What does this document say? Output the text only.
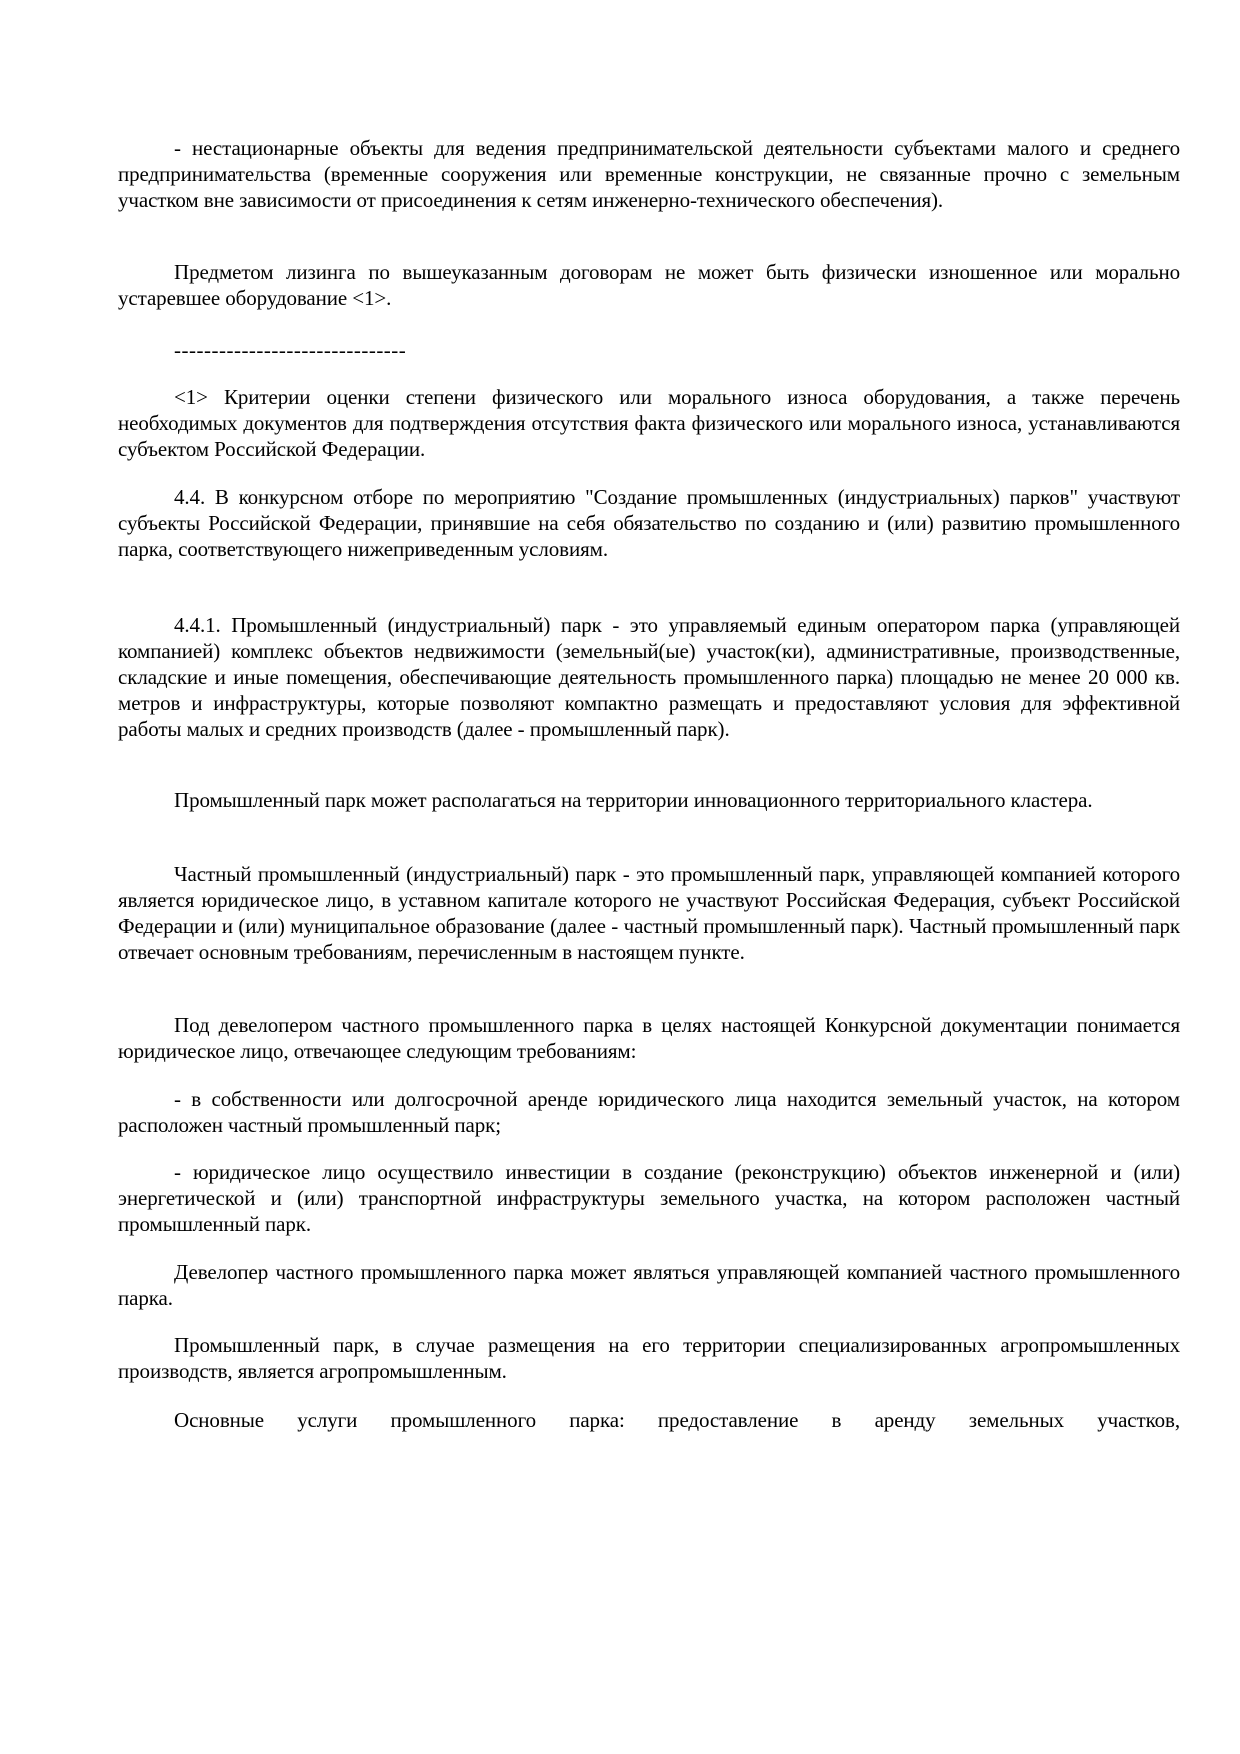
- нестационарные объекты для ведения предпринимательской деятельности субъектами малого и среднего предпринимательства (временные сооружения или временные конструкции, не связанные прочно с земельным участком вне зависимости от присоединения к сетям инженерно-технического обеспечения).

Предметом лизинга по вышеуказанным договорам не может быть физически изношенное или морально устаревшее оборудование <1>.

-------------------------------

<1> Критерии оценки степени физического или морального износа оборудования, а также перечень необходимых документов для подтверждения отсутствия факта физического или морального износа, устанавливаются субъектом Российской Федерации.

4.4. В конкурсном отборе по мероприятию "Создание промышленных (индустриальных) парков" участвуют субъекты Российской Федерации, принявшие на себя обязательство по созданию и (или) развитию промышленного парка, соответствующего нижеприведенным условиям.

4.4.1. Промышленный (индустриальный) парк - это управляемый единым оператором парка (управляющей компанией) комплекс объектов недвижимости (земельный(ые) участок(ки), административные, производственные, складские и иные помещения, обеспечивающие деятельность промышленного парка) площадью не менее 20 000 кв. метров и инфраструктуры, которые позволяют компактно размещать и предоставляют условия для эффективной работы малых и средних производств (далее - промышленный парк).

Промышленный парк может располагаться на территории инновационного территориального кластера.

Частный промышленный (индустриальный) парк - это промышленный парк, управляющей компанией которого является юридическое лицо, в уставном капитале которого не участвуют Российская Федерация, субъект Российской Федерации и (или) муниципальное образование (далее - частный промышленный парк). Частный промышленный парк отвечает основным требованиям, перечисленным в настоящем пункте.

Под девелопером частного промышленного парка в целях настоящей Конкурсной документации понимается юридическое лицо, отвечающее следующим требованиям:

- в собственности или долгосрочной аренде юридического лица находится земельный участок, на котором расположен частный промышленный парк;

- юридическое лицо осуществило инвестиции в создание (реконструкцию) объектов инженерной и (или) энергетической и (или) транспортной инфраструктуры земельного участка, на котором расположен частный промышленный парк.

Девелопер частного промышленного парка может являться управляющей компанией частного промышленного парка.

Промышленный парк, в случае размещения на его территории специализированных агропромышленных производств, является агропромышленным.

Основные услуги промышленного парка: предоставление в аренду земельных участков,
